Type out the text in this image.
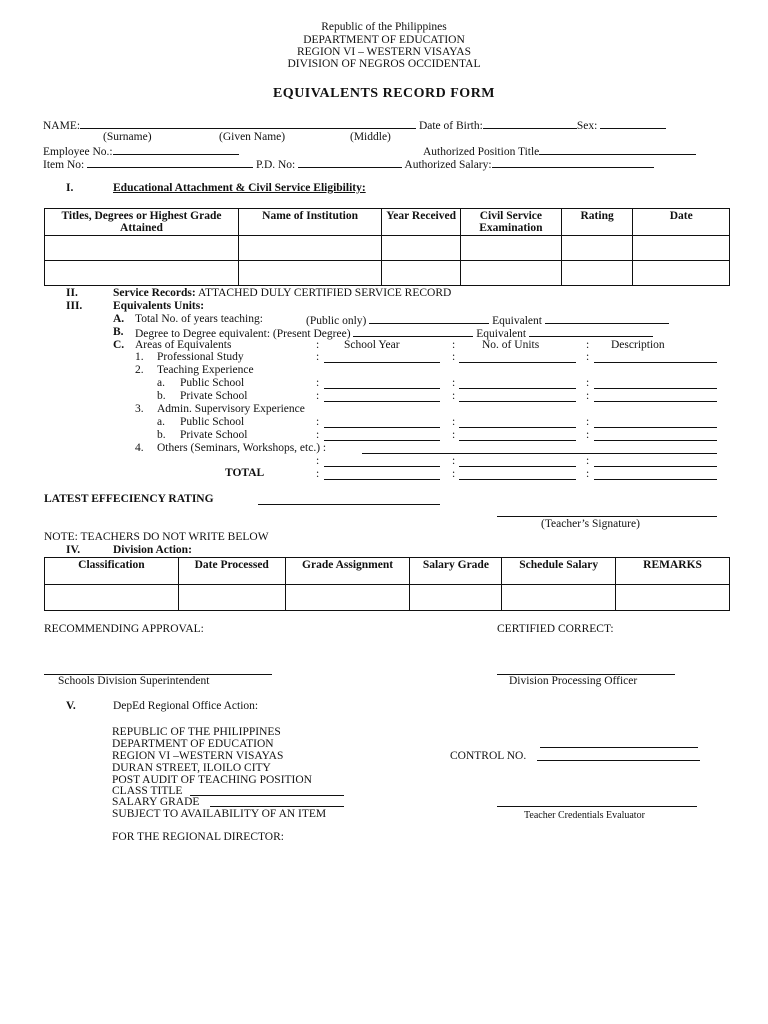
Republic of the Philippines
DEPARTMENT OF EDUCATION
REGION VI – WESTERN VISAYAS
DIVISION OF NEGROS OCCIDENTAL
EQUIVALENTS RECORD FORM
NAME:	Date of Birth:	Sex:
(Surname)	(Given Name)	(Middle)
Employee No.:	Authorized Position Title
Item No:	P.D. No:	Authorized Salary:
I.	Educational Attachment & Civil Service Eligibility:
Titles, Degrees or Highest Grade Attained	Name of Institution	Year Received	Civil Service Examination	Rating	Date

II.	Service Records: ATTACHED DULY CERTIFIED SERVICE RECORD
III.	Equivalents Units:
A. Total No. of years teaching:	(Public only)	Equivalent
B. Degree to Degree equivalent: (Present Degree)	Equivalent
C. Areas of Equivalents	: School Year	: No. of Units	: Description
1. Professional Study	:	:	:
2. Teaching Experience
a. Public School	:	:	:
b. Private School	:	:	:
3. Admin. Supervisory Experience
a. Public School	:	:	:
b. Private School	:	:	:
4. Others (Seminars, Workshops, etc.) :
:	:	:
TOTAL	:	:	:
LATEST EFFECIENCY RATING
(Teacher’s Signature)
NOTE: TEACHERS DO NOT WRITE BELOW
IV.	Division Action:
Classification	Date Processed	Grade Assignment	Salary Grade	Schedule Salary	REMARKS

RECOMMENDING APPROVAL:	CERTIFIED CORRECT:
Schools Division Superintendent	Division Processing Officer
V.	DepEd Regional Office Action:
REPUBLIC OF THE PHILIPPINES
DEPARTMENT OF EDUCATION
REGION VI –WESTERN VISAYAS
DURAN STREET, ILOILO CITY
POST AUDIT OF TEACHING POSITION
CLASS TITLE
SALARY GRADE
SUBJECT TO AVAILABILITY OF AN ITEM
CONTROL NO.
Teacher Credentials Evaluator
FOR THE REGIONAL DIRECTOR:
